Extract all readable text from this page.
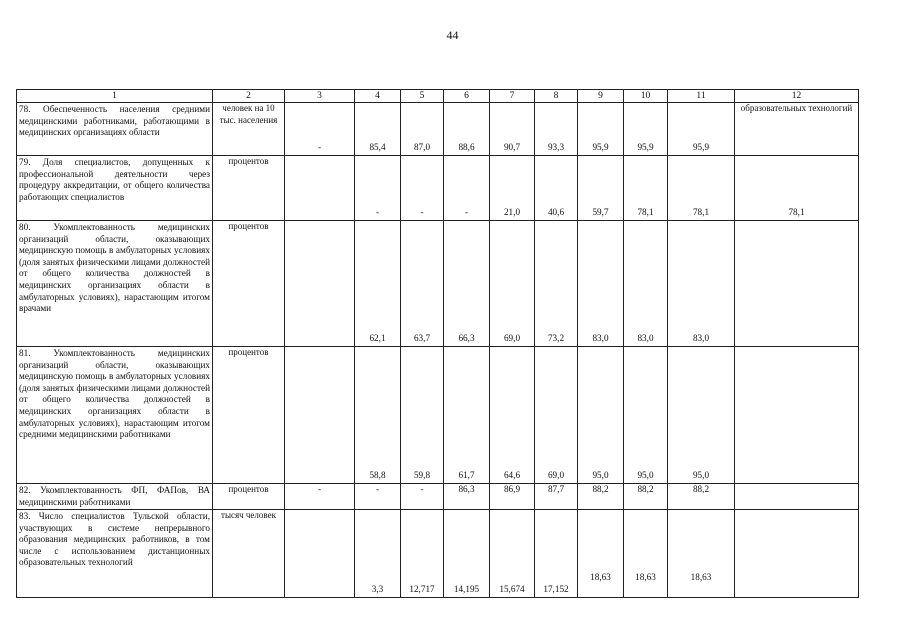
44
1	2	3	4	5	6	7	8	9	10	11	12

78. Обеспеченность населения средними медицинскими работниками, работающими в медицинских организациях области	человек на 10 тыс. населения	-	85,4	87,0	88,6	90,7	93,3	95,9	95,9	95,9	образовательных технологий

79. Доля специалистов, допущенных к профессиональной деятельности через процедуру аккредитации, от общего количества работающих специалистов	процентов		-	-	-	21,0	40,6	59,7	78,1	78,1	78,1

80. Укомплектованность медицинских организаций области, оказывающих медицинскую помощь в амбулаторных условиях (доля занятых физическими лицами должностей от общего количества должностей в медицинских организациях области в амбулаторных условиях), нарастающим итогом врачами	процентов		62,1	63,7	66,3	69,0	73,2	83,0	83,0	83,0	

81. Укомплектованность медицинских организаций области, оказывающих медицинскую помощь в амбулаторных условиях (доля занятых физическими лицами должностей от общего количества должностей в медицинских организациях области в амбулаторных условиях), нарастающим итогом средними медицинскими работниками	процентов		58,8	59,8	61,7	64,6	69,0	95,0	95,0	95,0	

82. Укомплектованность ФП, ФАПов, ВА медицинскими работниками	процентов	-	-	-	86,3	86,9	87,7	88,2	88,2	88,2	

83. Число специалистов Тульской области, участвующих в системе непрерывного образования медицинских работников, в том числе с использованием дистанционных образовательных технологий	тысяч человек		3,3	12,717	14,195	15,674	17,152	18,63	18,63	18,63	
